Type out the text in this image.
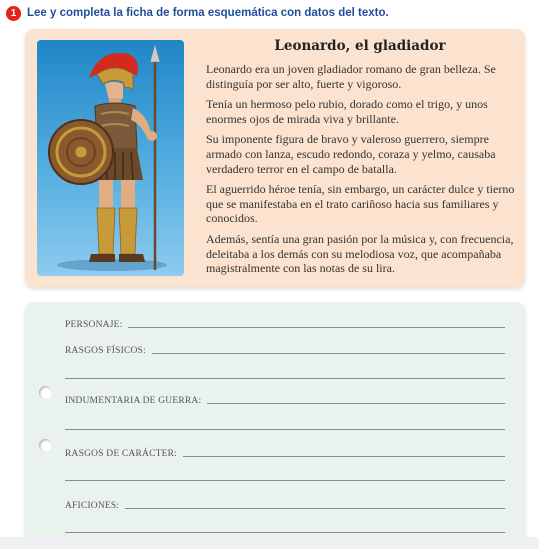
1 Lee y completa la ficha de forma esquemática con datos del texto.
Leonardo, el gladiador

Leonardo era un joven gladiador romano de gran belleza. Se distinguía por ser alto, fuerte y vigoroso.

Tenía un hermoso pelo rubio, dorado como el trigo, y unos enormes ojos de mirada viva y brillante.

Su imponente figura de bravo y valeroso guerrero, siempre armado con lanza, escudo redondo, coraza y yelmo, causaba verdadero terror en el campo de batalla.

El aguerrido héroe tenía, sin embargo, un carácter dulce y tierno que se manifestaba en el trato cariñoso hacia sus familiares y conocidos.

Además, sentía una gran pasión por la música y, con frecuencia, deleitaba a los demás con su melodiosa voz, que acompañaba magistralmente con las notas de su lira.

PERSONAJE:
RASGOS FÍSICOS:
INDUMENTARIA DE GUERRA:
RASGOS DE CARÁCTER:
AFICIONES:
